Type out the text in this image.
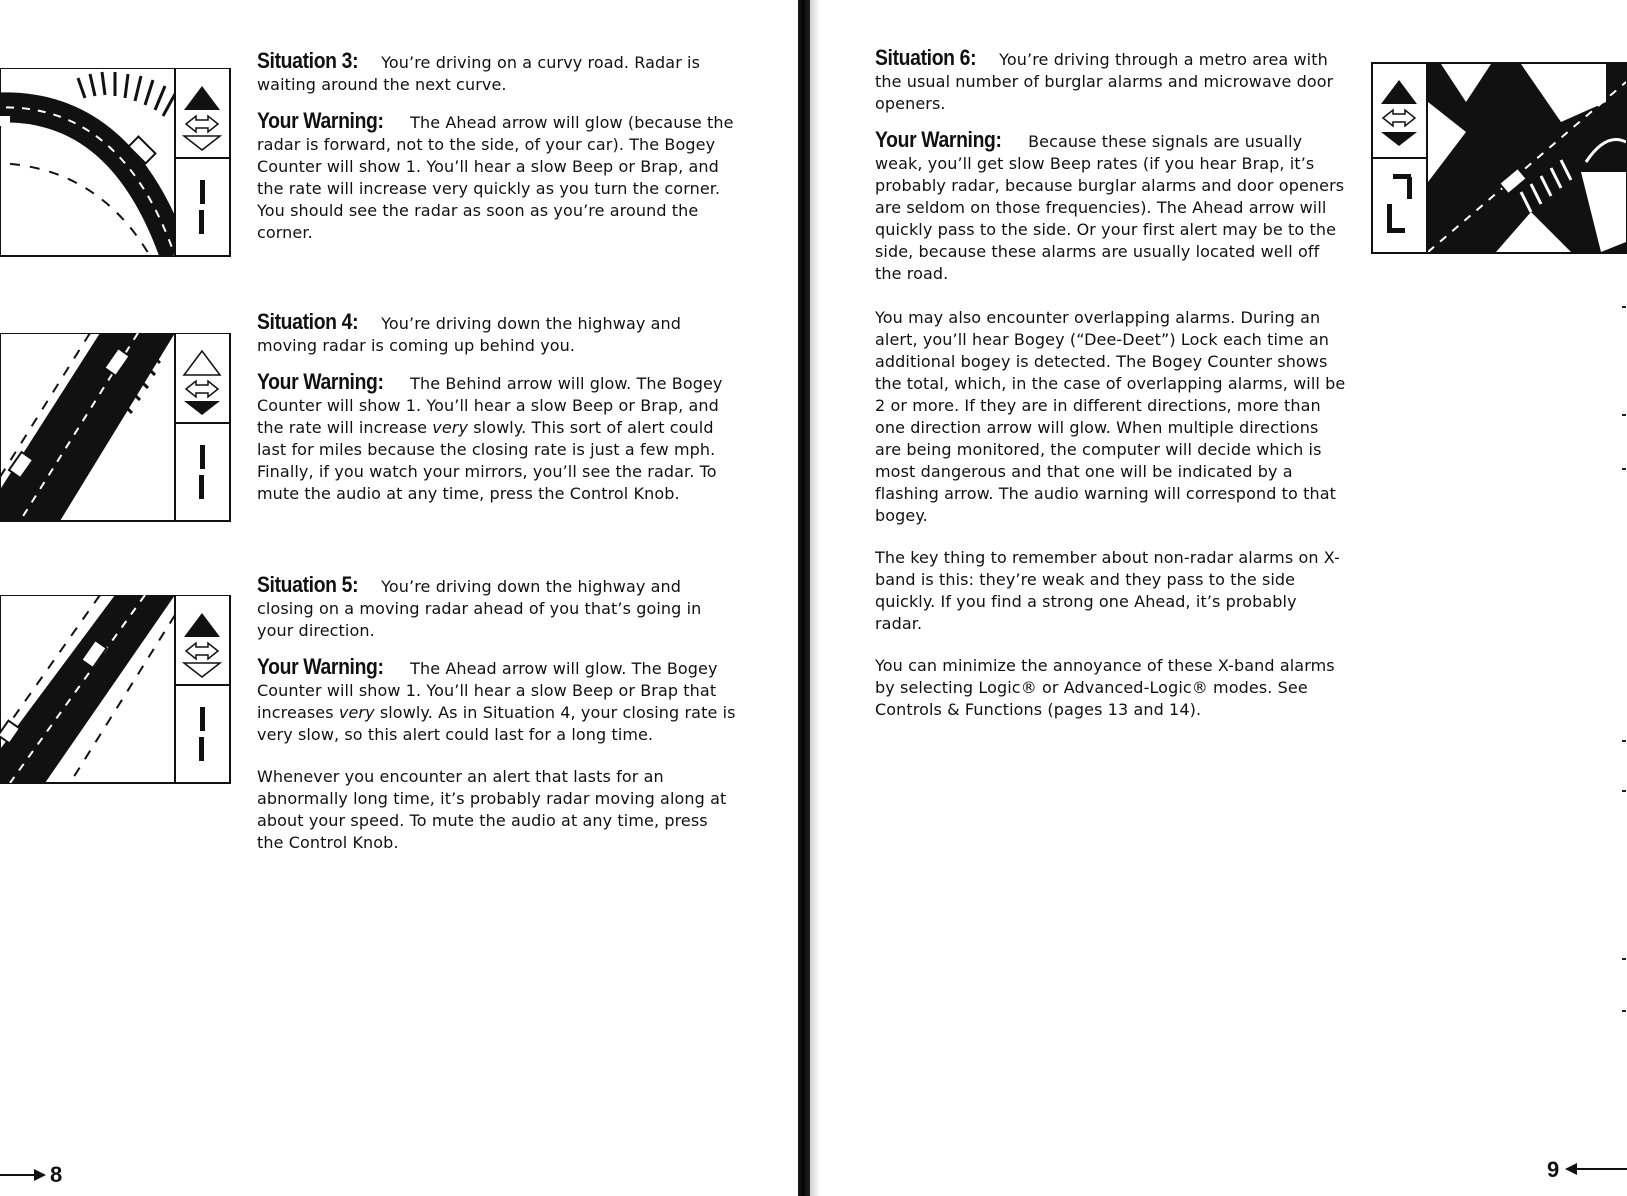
Situation 3: You’re driving on a curvy road. Radar is waiting around the next curve.

Your Warning: The Ahead arrow will glow (because the radar is forward, not to the side, of your car). The Bogey Counter will show 1. You’ll hear a slow Beep or Brap, and the rate will increase very quickly as you turn the corner. You should see the radar as soon as you’re around the corner.

Situation 4: You’re driving down the highway and moving radar is coming up behind you.

Your Warning: The Behind arrow will glow. The Bogey Counter will show 1. You’ll hear a slow Beep or Brap, and the rate will increase very slowly. This sort of alert could last for miles because the closing rate is just a few mph. Finally, if you watch your mirrors, you’ll see the radar. To mute the audio at any time, press the Control Knob.

Situation 5: You’re driving down the highway and closing on a moving radar ahead of you that’s going in your direction.

Your Warning: The Ahead arrow will glow. The Bogey Counter will show 1. You’ll hear a slow Beep or Brap that increases very slowly. As in Situation 4, your closing rate is very slow, so this alert could last for a long time.

Whenever you encounter an alert that lasts for an abnormally long time, it’s probably radar moving along at about your speed. To mute the audio at any time, press the Control Knob.

8

Situation 6: You’re driving through a metro area with the usual number of burglar alarms and microwave door openers.

Your Warning: Because these signals are usually weak, you’ll get slow Beep rates (if you hear Brap, it’s probably radar, because burglar alarms and door openers are seldom on those frequencies). The Ahead arrow will quickly pass to the side. Or your first alert may be to the side, because these alarms are usually located well off the road.

You may also encounter overlapping alarms. During an alert, you’ll hear Bogey (“Dee-Deet”) Lock each time an additional bogey is detected. The Bogey Counter shows the total, which, in the case of overlapping alarms, will be 2 or more. If they are in different directions, more than one direction arrow will glow. When multiple directions are being monitored, the computer will decide which is most dangerous and that one will be indicated by a flashing arrow. The audio warning will correspond to that bogey.

The key thing to remember about non-radar alarms on X-band is this: they’re weak and they pass to the side quickly. If you find a strong one Ahead, it’s probably radar.

You can minimize the annoyance of these X-band alarms by selecting Logic® or Advanced-Logic® modes. See Controls & Functions (pages 13 and 14).

9
